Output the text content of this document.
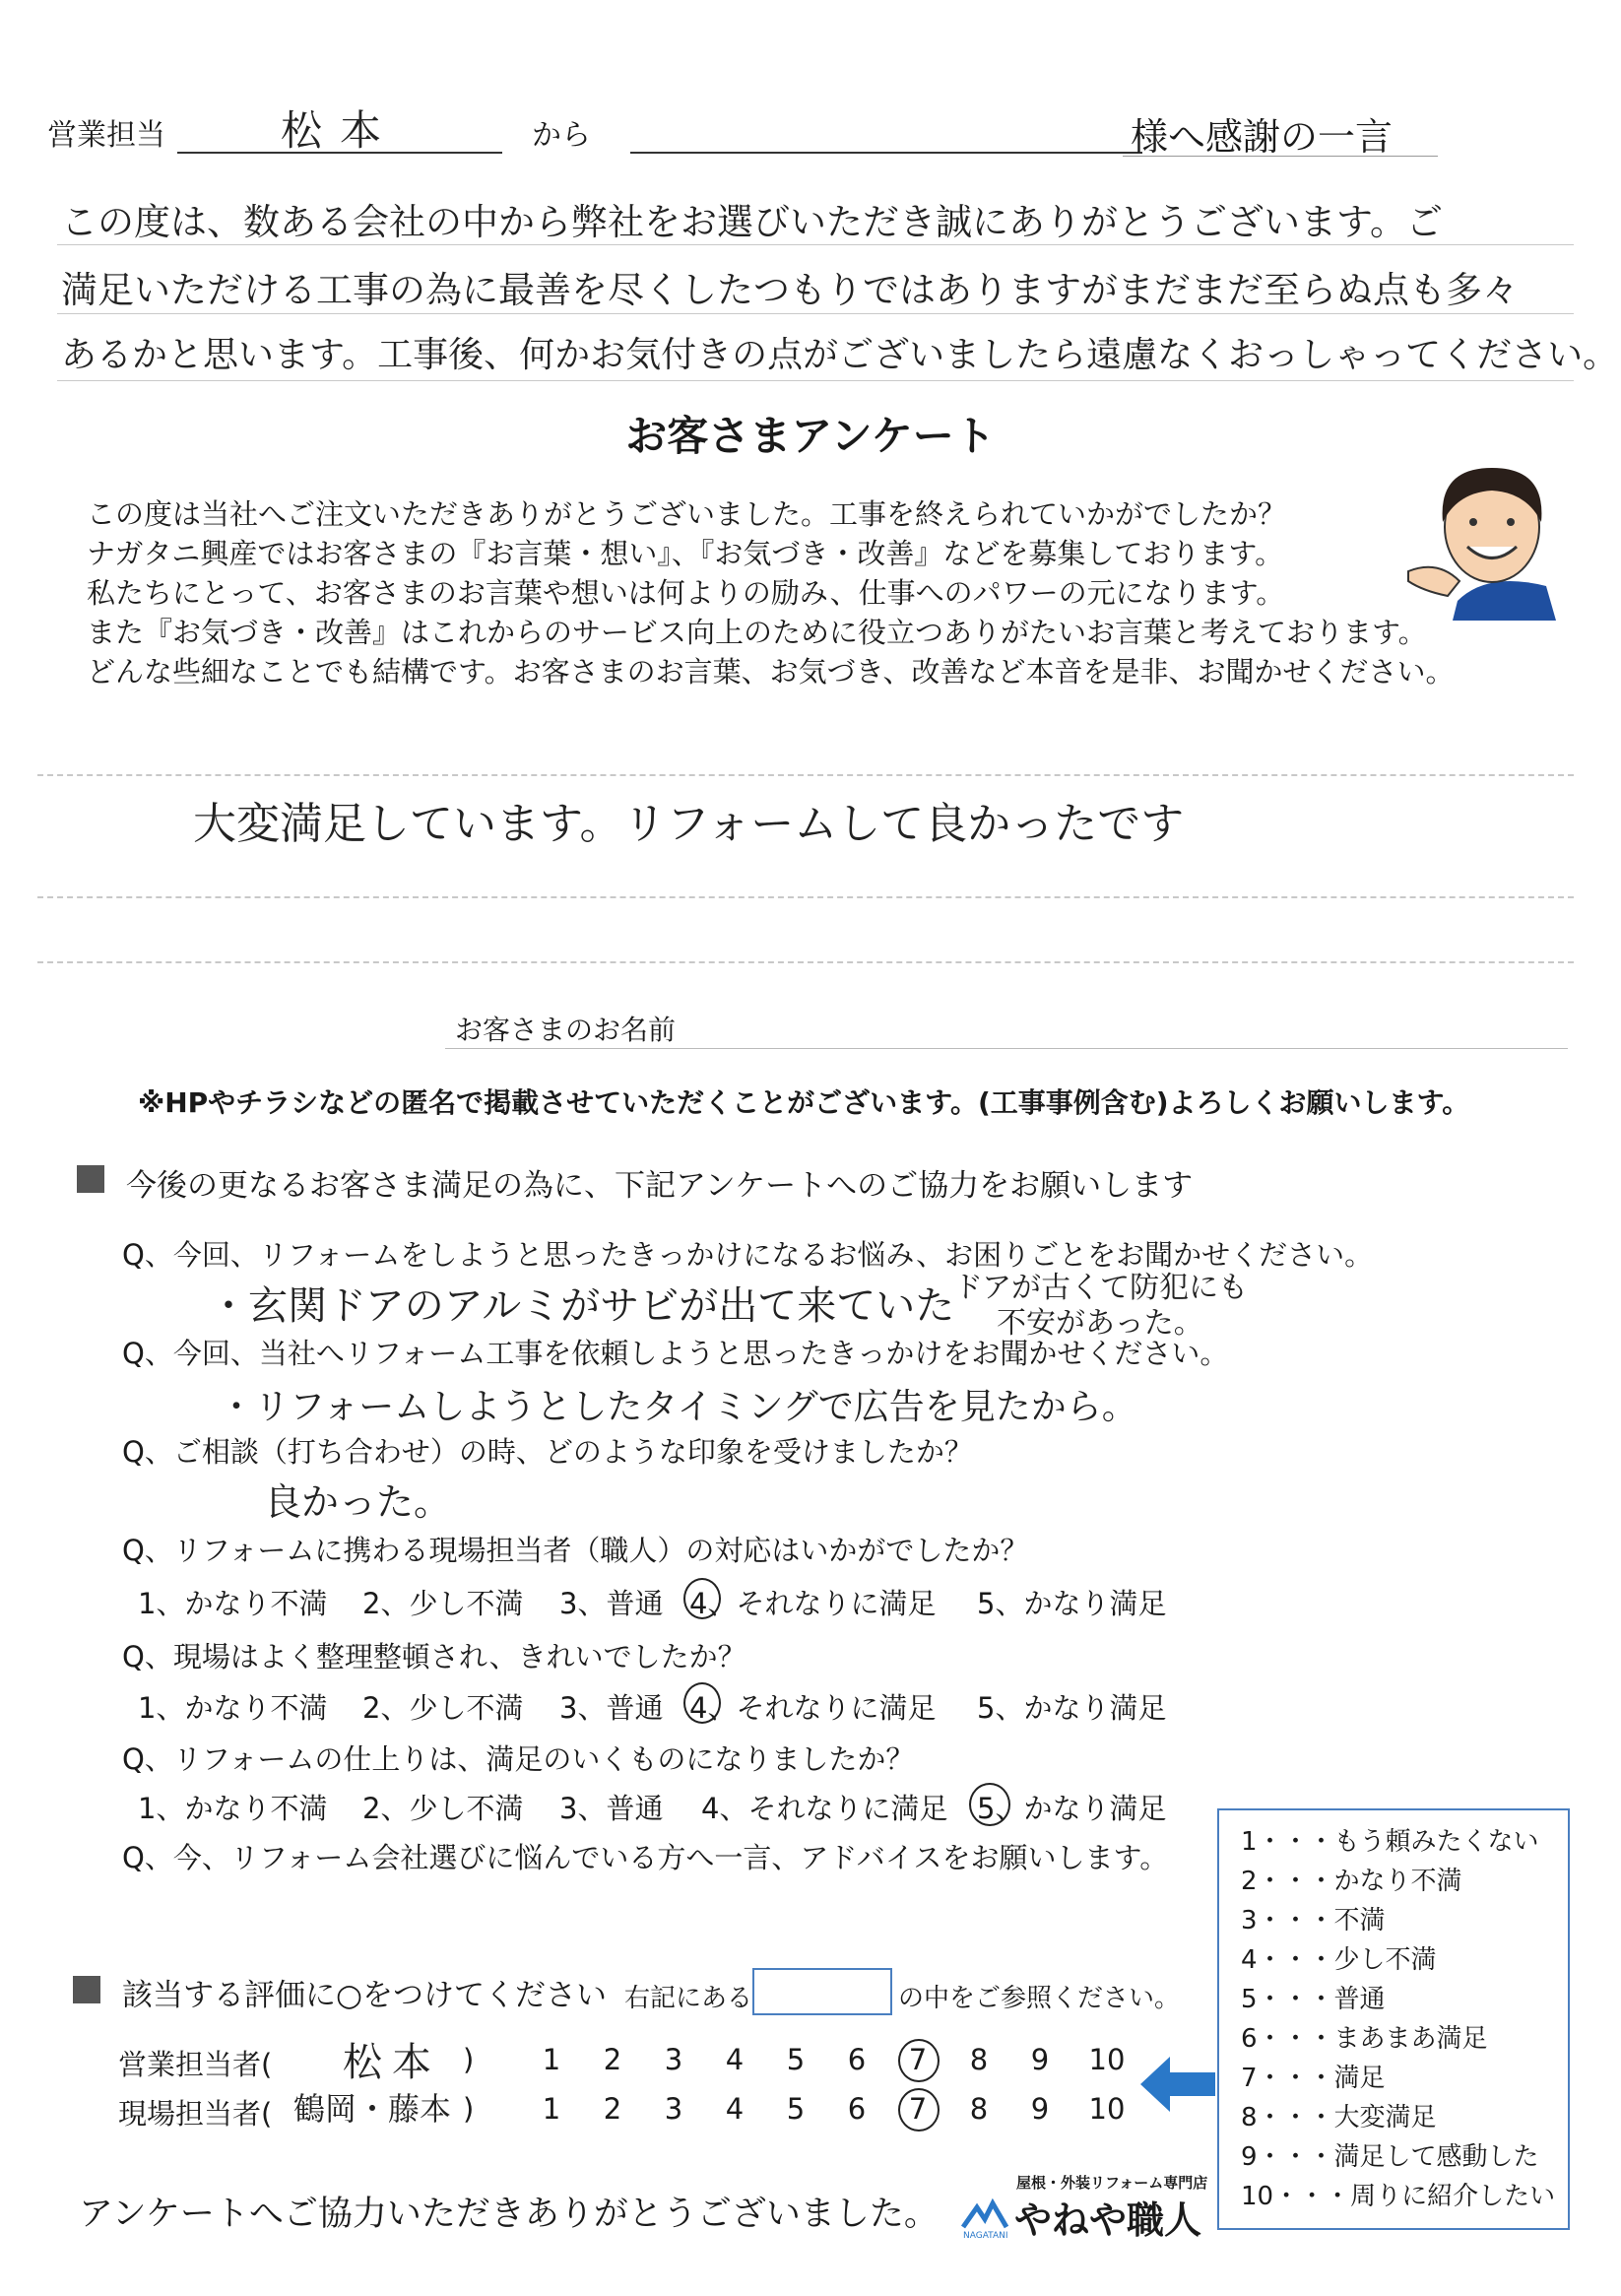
営業担当	松本	から	様へ感謝の一言
この度は、数ある会社の中から弊社をお選びいただき誠にありがとうございます。ご
満足いただける工事の為に最善を尽くしたつもりではありますがまだまだ至らぬ点も多々
あるかと思います。工事後、何かお気付きの点がございましたら遠慮なくおっしゃってください。
お客さまアンケート
この度は当社へご注文いただきありがとうございました。工事を終えられていかがでしたか？
ナガタニ興産ではお客さまの『お言葉・想い』、『お気づき・改善』などを募集しております。
私たちにとって、お客さまのお言葉や想いは何よりの励み、仕事へのパワーの元になります。
また『お気づき・改善』はこれからのサービス向上のために役立つありがたいお言葉と考えております。
どんな些細なことでも結構です。お客さまのお言葉、お気づき、改善など本音を是非、お聞かせください。
大変満足しています。リフォームして良かったです
お客さまのお名前
※HPやチラシなどの匿名で掲載させていただくことがございます。(工事事例含む)よろしくお願いします。
今後の更なるお客さま満足の為に、下記アンケートへのご協力をお願いします
Q、今回、リフォームをしようと思ったきっかけになるお悩み、お困りごとをお聞かせください。
・玄関ドアのアルミがサビが出て来ていた
ドアが古くて防犯にも
不安があった。
Q、今回、当社へリフォーム工事を依頼しようと思ったきっかけをお聞かせください。
・リフォームしようとしたタイミングで広告を見たから。
Q、ご相談（打ち合わせ）の時、どのような印象を受けましたか？
良かった。
Q、リフォームに携わる現場担当者（職人）の対応はいかがでしたか？
1、かなり不満 2、少し不満 3、普通 4、それなりに満足 5、かなり満足
Q、現場はよく整理整頓され、きれいでしたか？
1、かなり不満 2、少し不満 3、普通 4、それなりに満足 5、かなり満足
Q、リフォームの仕上りは、満足のいくものになりましたか？
1、かなり不満 2、少し不満 3、普通 4、それなりに満足 5、かなり満足
Q、今、リフォーム会社選びに悩んでいる方へ一言、アドバイスをお願いします。
該当する評価に○をつけてください 右記にある	の中をご参照ください。
営業担当者( 松本 )	1	2	3	4	5	6	7	8	9	10
現場担当者( 鶴岡・藤本 )	1	2	3	4	5	6	7	8	9	10
1・・・もう頼みたくない
2・・・かなり不満
3・・・不満
4・・・少し不満
5・・・普通
6・・・まあまあ満足
7・・・満足
8・・・大変満足
9・・・満足して感動した
10・・・周りに紹介したい
アンケートへご協力いただきありがとうございました。
屋根・外装リフォーム専門店
NAGATANI やねや職人
